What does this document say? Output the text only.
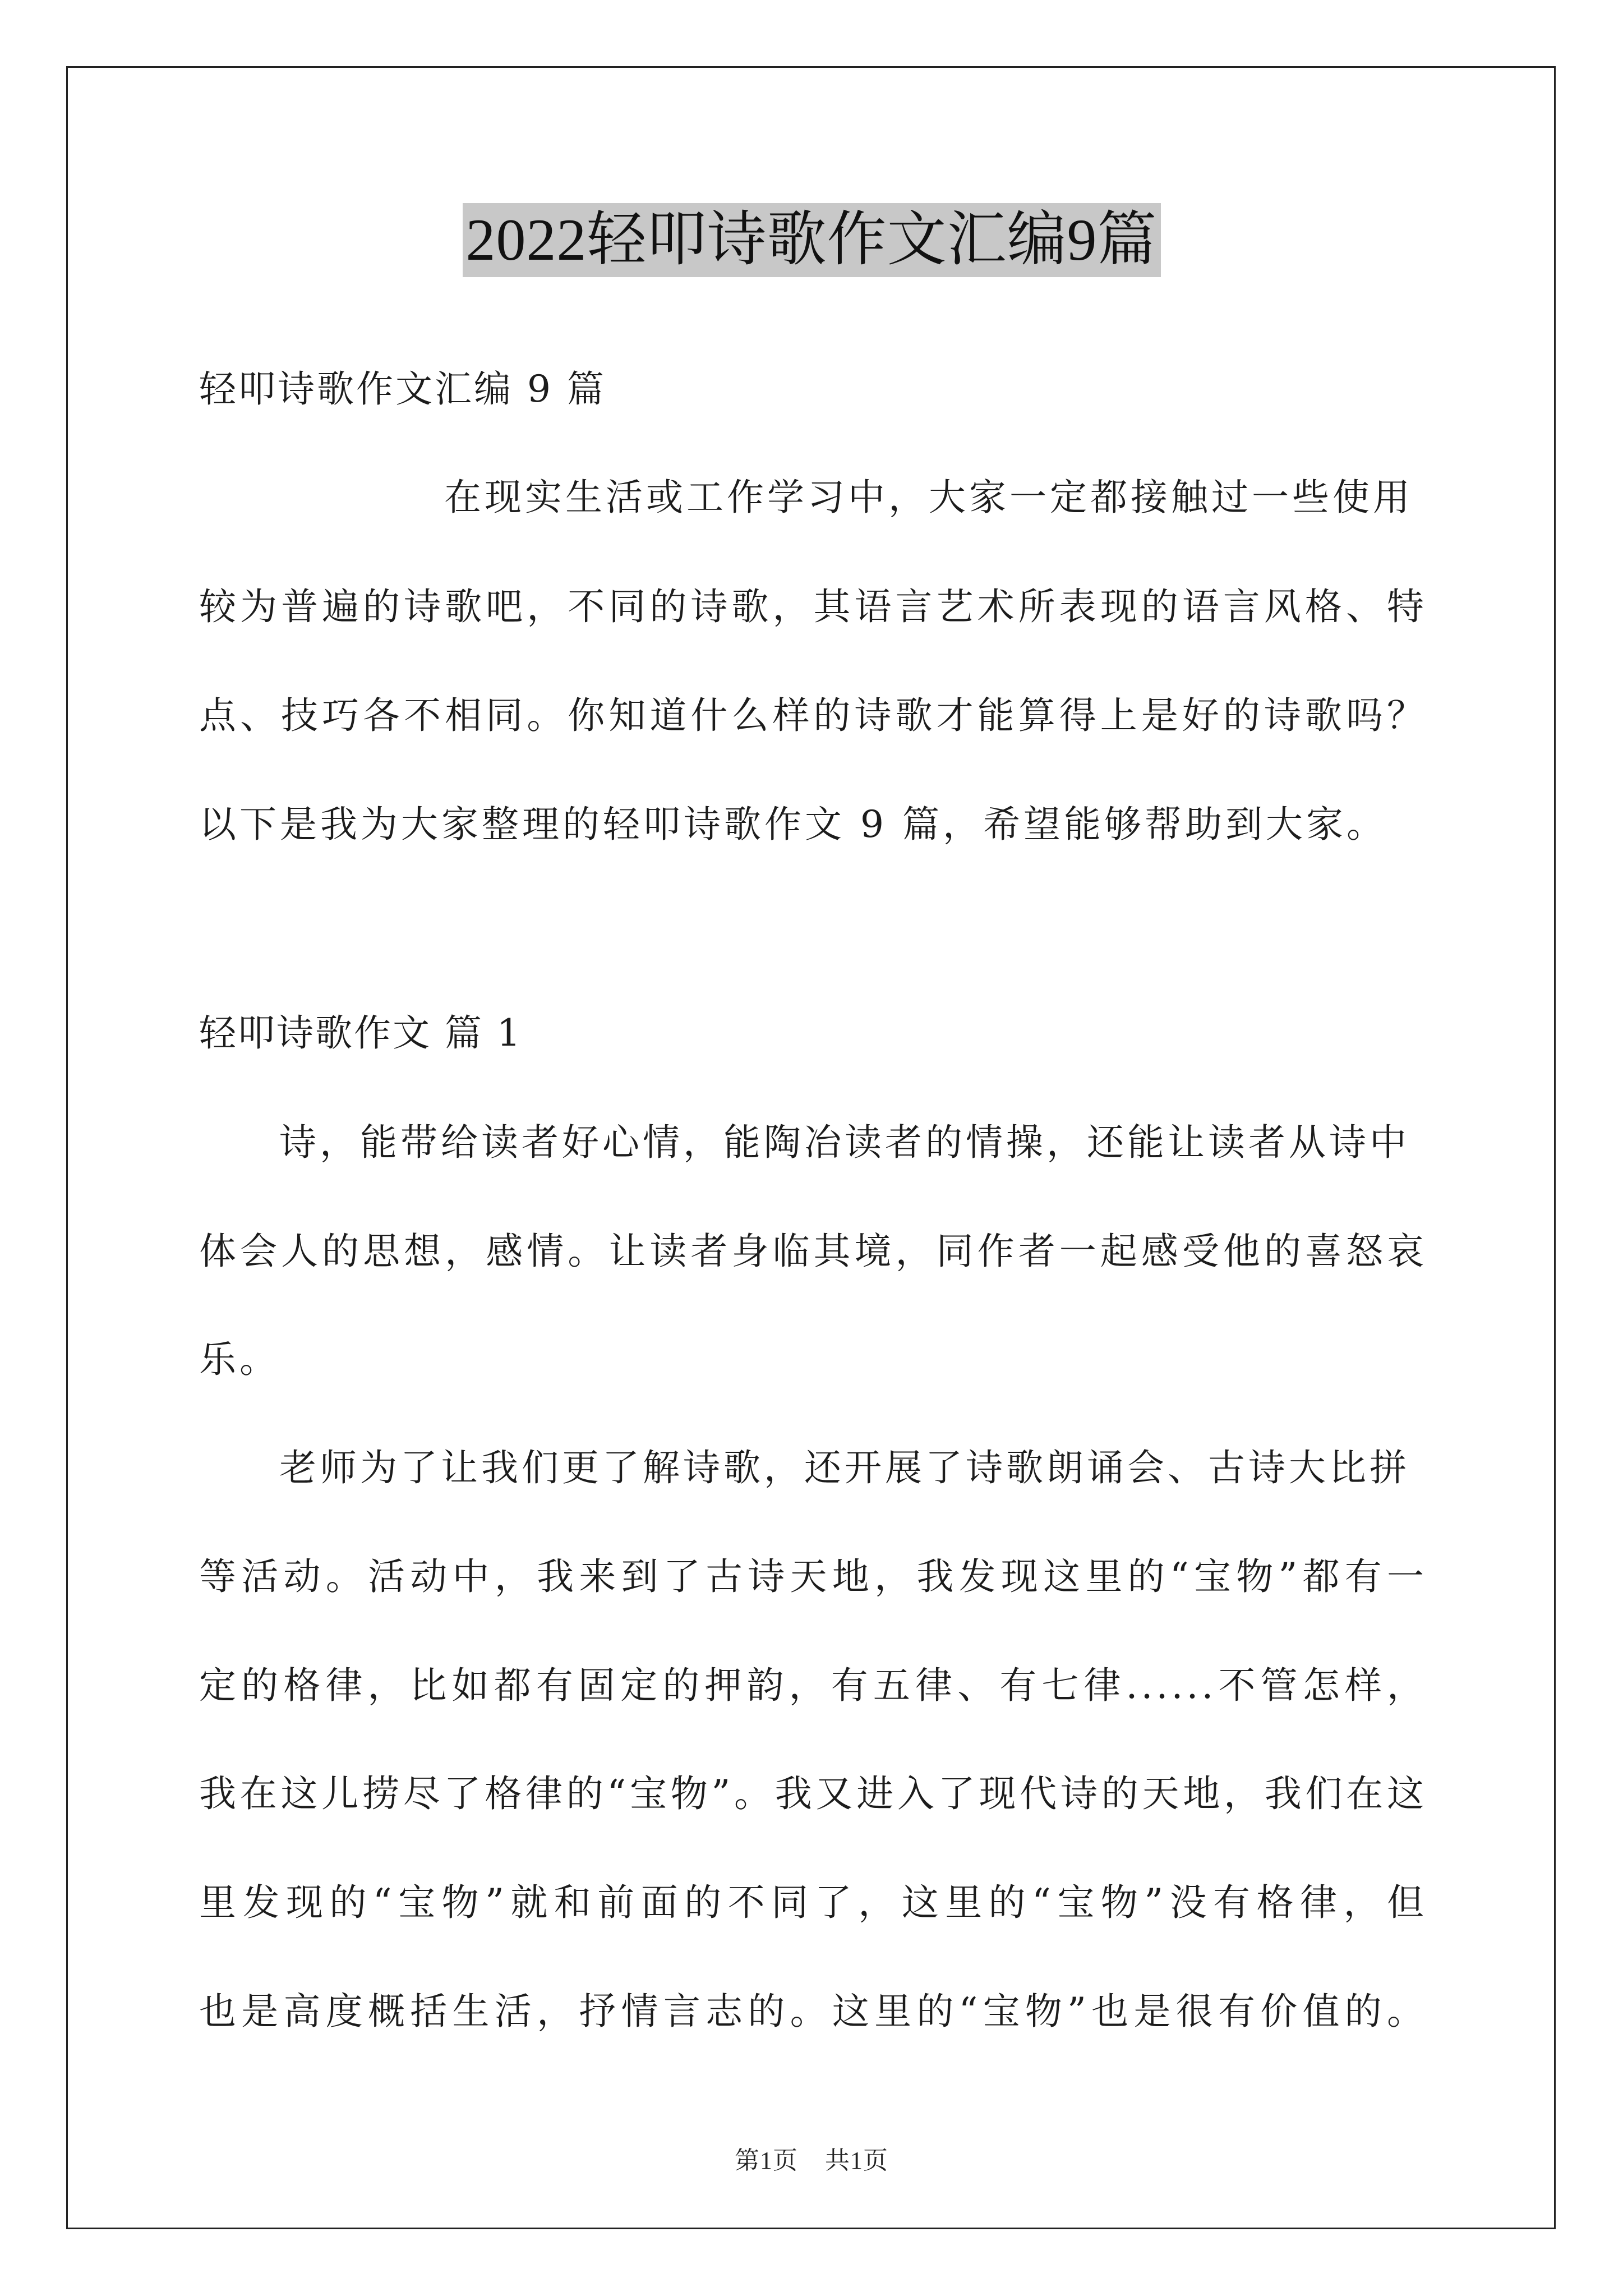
2022轻叩诗歌作文汇编9篇
轻叩诗歌作文汇编 9 篇
在现实生活或工作学习中，大家一定都接触过一些使用
较为普遍的诗歌吧，不同的诗歌，其语言艺术所表现的语言风格、特
点、技巧各不相同。你知道什么样的诗歌才能算得上是好的诗歌吗？
以下是我为大家整理的轻叩诗歌作文 9 篇，希望能够帮助到大家。
轻叩诗歌作文 篇 1
诗，能带给读者好心情，能陶冶读者的情操，还能让读者从诗中
体会人的思想，感情。让读者身临其境，同作者一起感受他的喜怒哀
乐。
老师为了让我们更了解诗歌，还开展了诗歌朗诵会、古诗大比拼
等活动。活动中，我来到了古诗天地，我发现这里的“宝物”都有一
定的格律，比如都有固定的押韵，有五律、有七律......不管怎样，
我在这儿捞尽了格律的“宝物”。我又进入了现代诗的天地，我们在这
里发现的“宝物”就和前面的不同了，这里的“宝物”没有格律，但
也是高度概括生活，抒情言志的。这里的“宝物”也是很有价值的。
第1页 共1页
